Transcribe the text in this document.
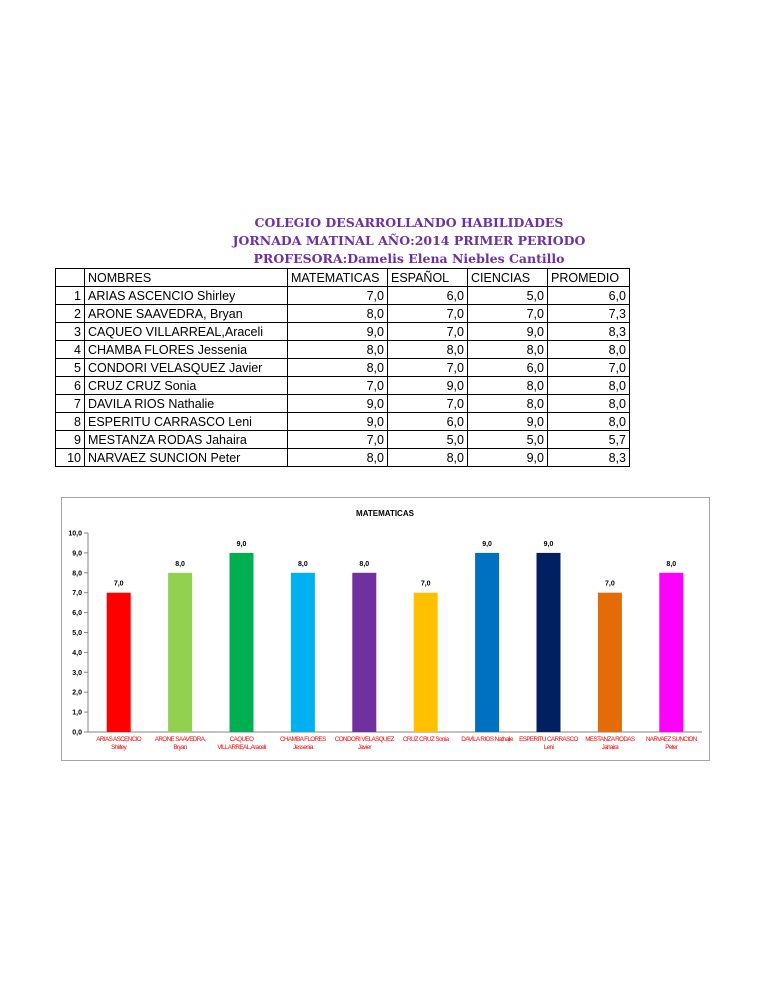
COLEGIO DESARROLLANDO HABILIDADES
JORNADA MATINAL AÑO:2014 PRIMER PERIODO
PROFESORA:Damelis Elena Niebles Cantillo
	NOMBRES	MATEMATICAS	ESPAÑOL	CIENCIAS	PROMEDIO
1	ARIAS ASCENCIO Shirley	7,0	6,0	5,0	6,0
2	ARONE SAAVEDRA, Bryan	8,0	7,0	7,0	7,3
3	CAQUEO VILLARREAL,Araceli	9,0	7,0	9,0	8,3
4	CHAMBA FLORES Jessenia	8,0	8,0	8,0	8,0
5	CONDORI VELASQUEZ Javier	8,0	7,0	6,0	7,0
6	CRUZ CRUZ Sonia	7,0	9,0	8,0	8,0
7	DAVILA RIOS Nathalie	9,0	7,0	8,0	8,0
8	ESPERITU CARRASCO Leni	9,0	6,0	9,0	8,0
9	MESTANZA RODAS Jahaira	7,0	5,0	5,0	5,7
10	NARVAEZ SUNCION Peter	8,0	8,0	9,0	8,3
MATEMATICAS
0,0
1,0
2,0
3,0
4,0
5,0
6,0
7,0
8,0
9,0
10,0
7,0
ARIAS ASCENCIO
Shirley
8,0
ARONE SAAVEDRA,
Bryan
9,0
CAQUEO
VILLARREAL,Araceli
8,0
CHAMBA FLORES
Jessenia
8,0
CONDORI VELASQUEZ
Javier
7,0
CRUZ CRUZ Sonia
9,0
DAVILA RIOS Nathalie
9,0
ESPERITU CARRASCO
Leni
7,0
MESTANZA RODAS
Jahaira
8,0
NARVAEZ SUNCION
Peter
